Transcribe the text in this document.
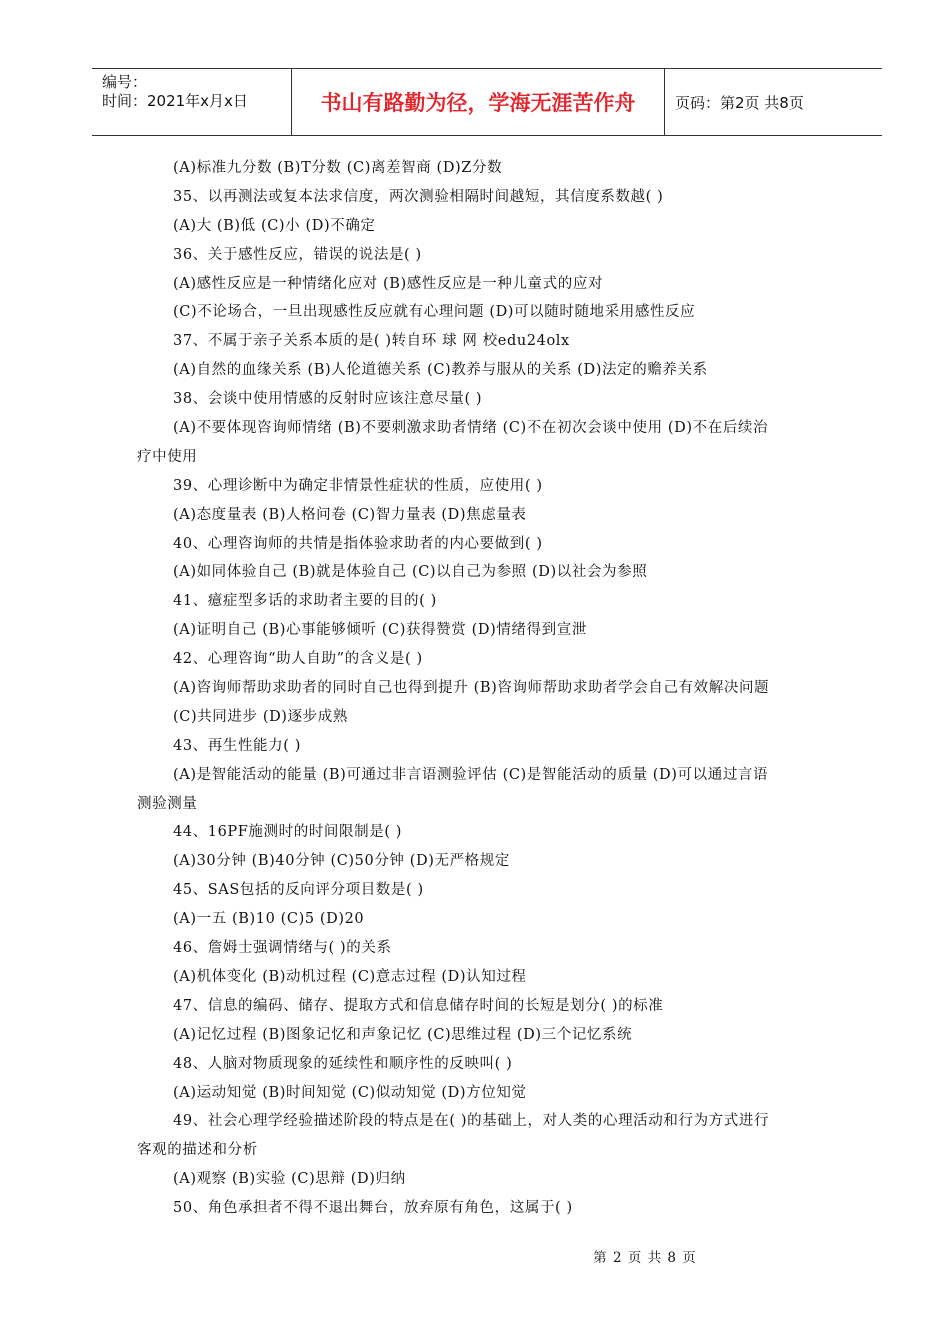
编号：
时间：2021年x月x日	书山有路勤为径，学海无涯苦作舟	页码：第2页 共8页
(A)标准九分数 (B)T分数 (C)离差智商 (D)Z分数
35、以再测法或复本法求信度，两次测验相隔时间越短，其信度系数越( )
(A)大 (B)低 (C)小 (D)不确定
36、关于感性反应，错误的说法是( )
(A)感性反应是一种情绪化应对 (B)感性反应是一种儿童式的应对
(C)不论场合，一旦出现感性反应就有心理问题 (D)可以随时随地采用感性反应
37、不属于亲子关系本质的是( )转自环 球 网 校edu24olx
(A)自然的血缘关系 (B)人伦道德关系 (C)教养与服从的关系 (D)法定的赡养关系
38、会谈中使用情感的反射时应该注意尽量( )
(A)不要体现咨询师情绪 (B)不要刺激求助者情绪 (C)不在初次会谈中使用 (D)不在后续治
疗中使用
39、心理诊断中为确定非情景性症状的性质，应使用( )
(A)态度量表 (B)人格问卷 (C)智力量表 (D)焦虑量表
40、心理咨询师的共情是指体验求助者的内心要做到( )
(A)如同体验自己 (B)就是体验自己 (C)以自己为参照 (D)以社会为参照
41、癔症型多话的求助者主要的目的( )
(A)证明自己 (B)心事能够倾听 (C)获得赞赏 (D)情绪得到宣泄
42、心理咨询“助人自助”的含义是( )
(A)咨询师帮助求助者的同时自己也得到提升 (B)咨询师帮助求助者学会自己有效解决问题
(C)共同进步 (D)逐步成熟
43、再生性能力( )
(A)是智能活动的能量 (B)可通过非言语测验评估 (C)是智能活动的质量 (D)可以通过言语
测验测量
44、16PF施测时的时间限制是( )
(A)30分钟 (B)40分钟 (C)50分钟 (D)无严格规定
45、SAS包括的反向评分项目数是( )
(A)一五 (B)10 (C)5 (D)20
46、詹姆士强调情绪与( )的关系
(A)机体变化 (B)动机过程 (C)意志过程 (D)认知过程
47、信息的编码、储存、提取方式和信息储存时间的长短是划分( )的标准
(A)记忆过程 (B)图象记忆和声象记忆 (C)思维过程 (D)三个记忆系统
48、人脑对物质现象的延续性和顺序性的反映叫( )
(A)运动知觉 (B)时间知觉 (C)似动知觉 (D)方位知觉
49、社会心理学经验描述阶段的特点是在( )的基础上，对人类的心理活动和行为方式进行
客观的描述和分析
(A)观察 (B)实验 (C)思辩 (D)归纳
50、角色承担者不得不退出舞台，放弃原有角色，这属于( )
第 2 页 共 8 页
